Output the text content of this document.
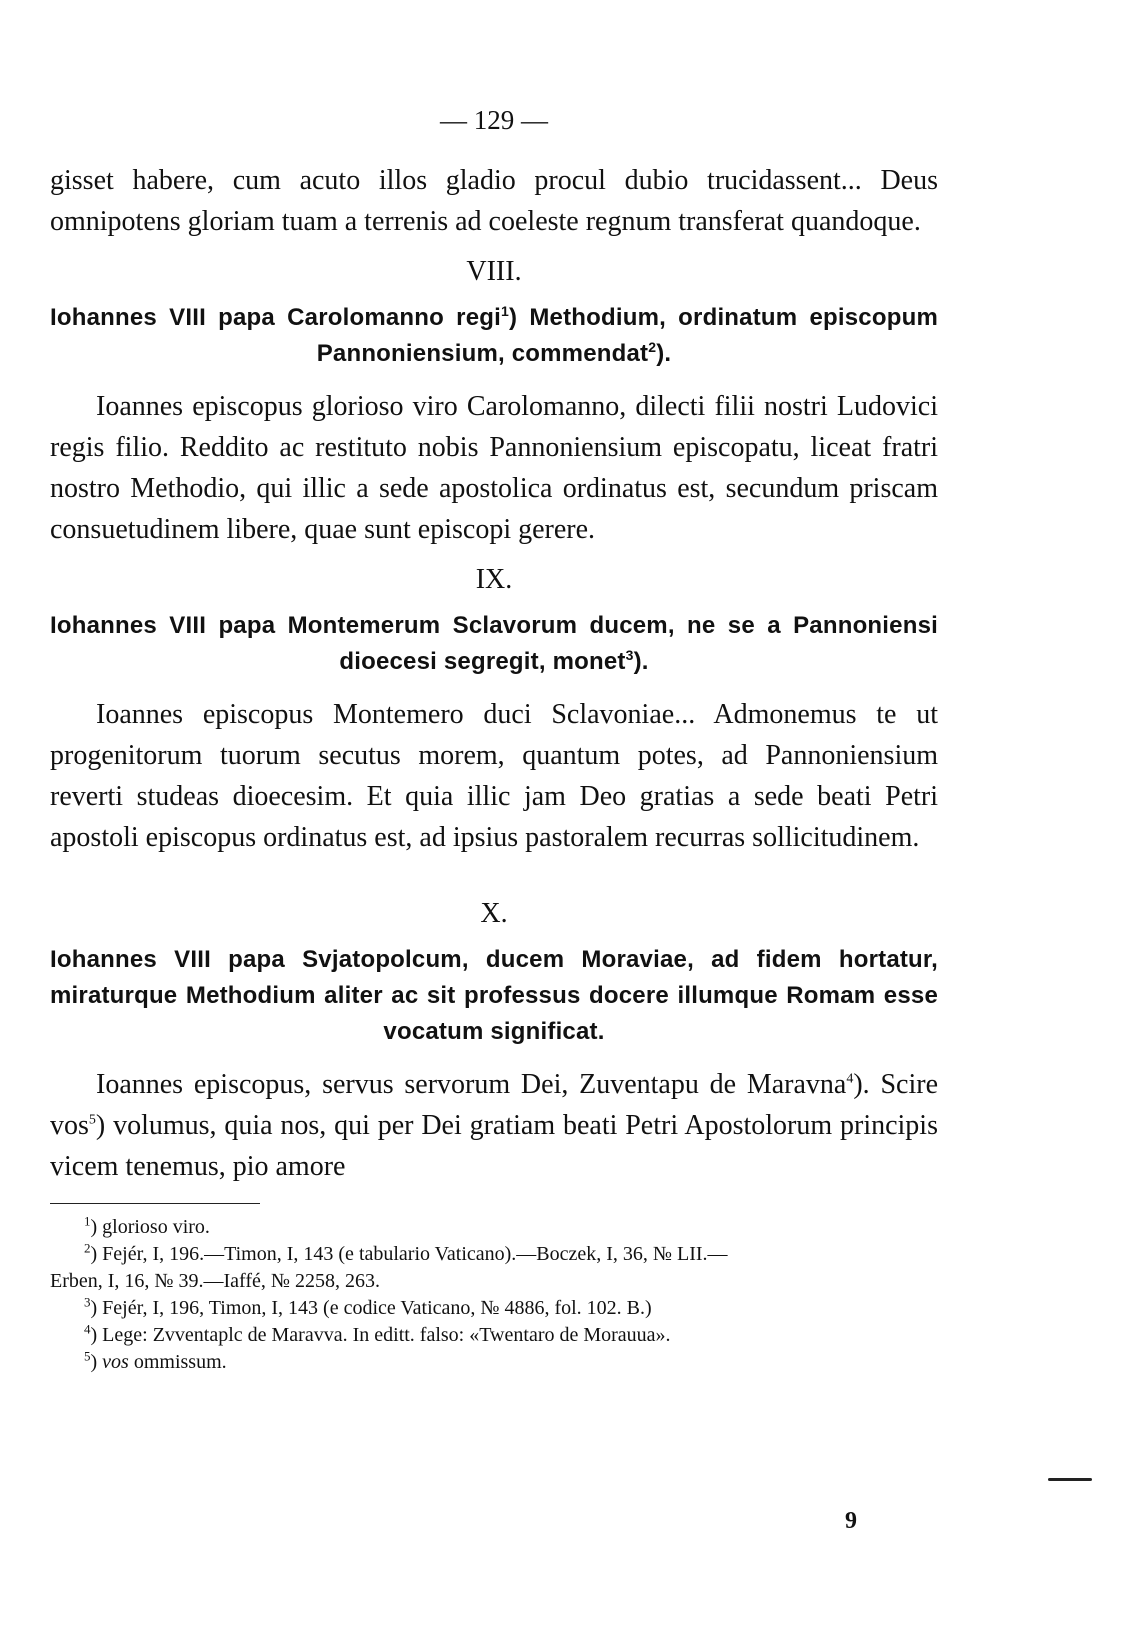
— 129 —

gisset habere, cum acuto illos gladio procul dubio trucidassent... Deus omnipotens gloriam tuam a terrenis ad coeleste regnum transferat quandoque.

VIII.
Iohannes VIII papa Carolomanno regi$^1$) Methodium, ordinatum episcopum Pannoniensium, commendat$^2$).

Ioannes episcopus glorioso viro Carolomanno, dilecti filii nostri Ludovici regis filio. Reddito ac restituto nobis Pannoniensium episcopatu, liceat fratri nostro Methodio, qui illic a sede apostolica ordinatus est, secundum priscam consuetudinem libere, quae sunt episcopi gerere.

IX.
Iohannes VIII papa Montemerum Sclavorum ducem, ne se a Pannoniensi dioecesi segregit, monet$^3$).

Ioannes episcopus Montemero duci Sclavoniae... Admonemus te ut progenitorum tuorum secutus morem, quantum potes, ad Pannoniensium reverti studeas dioecesim. Et quia illic jam Deo gratias a sede beati Petri apostoli episcopus ordinatus est, ad ipsius pastoralem recurras sollicitudinem.

X.
Iohannes VIII papa Svjatopolcum, ducem Moraviae, ad fidem hortatur, miraturque Methodium aliter ac sit professus docere illumque Romam esse vocatum significat.

Ioannes episcopus, servus servorum Dei, Zuventapu de Maravna$^4$). Scire vos$^5$) volumus, quia nos, qui per Dei gratiam beati Petri Apostolorum principis vicem tenemus, pio amore

$^1$) glorioso viro.

$^2$) Fejér, I, 196.—Timon, I, 143 (e tabulario Vaticano).—Boczek, I, 36, № LII.—

Erben, I, 16, № 39.—Iaffé, № 2258, 263.

$^3$) Fejér, I, 196, Timon, I, 143 (e codice Vaticano, № 4886, fol. 102. B.)

$^4$) Lege: Zvventaplc de Maravva. In editt. falso: «Twentaro de Morauua».

$^5$) vos ommissum.

9
